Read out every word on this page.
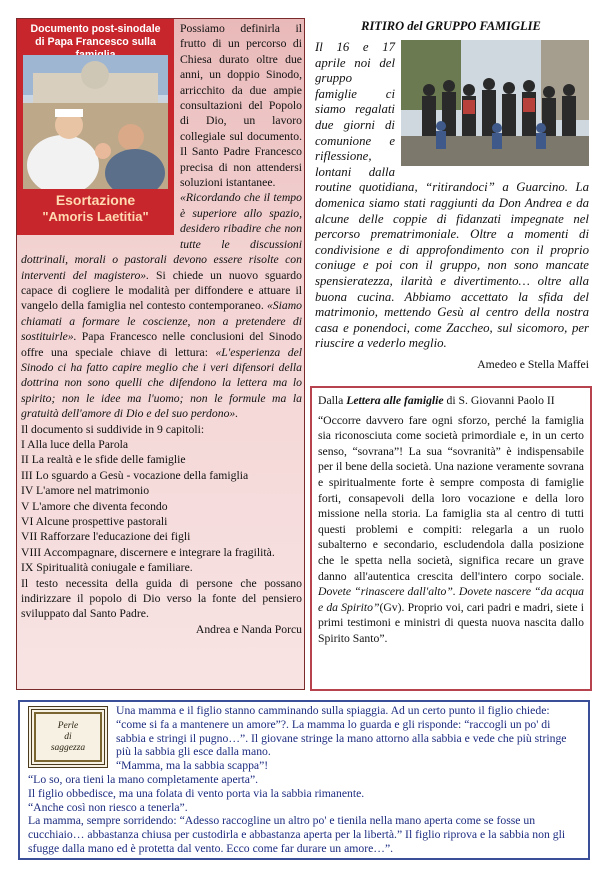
Documento post-sinodale
di Papa Francesco sulla
Esortazione
"Amoris Laetitia"

Possiamo definirla il frutto di un percorso di Chiesa durato oltre due anni, un doppio Sinodo, arricchito da due ampie consultazioni del Popolo di Dio, un lavoro collegiale sul documento. Il Santo Padre Francesco precisa di non attendersi soluzioni istantanee.

«Ricordando che il tempo è superiore allo spazio, desidero ribadire che non tutte le discussioni dottrinali, morali o pastorali devono essere risolte con interventi del magistero». Si chiede un nuovo sguardo capace di cogliere le modalità per diffondere e attuare il vangelo della famiglia nel contesto contemporaneo. «Siamo chiamati a formare le coscienze, non a pretendere di sostituirle». Papa Francesco nelle conclusioni del Sinodo offre una speciale chiave di lettura: «L'esperienza del Sinodo ci ha fatto capire meglio che i veri difensori della dottrina non sono quelli che difendono la lettera ma lo spirito; non le idee ma l'uomo; non le formule ma la gratuità dell'amore di Dio e del suo perdono».

Il documento si suddivide in 9 capitoli:

I Alla luce della Parola

II La realtà e le sfide delle famiglie

III Lo sguardo a Gesù - vocazione della famiglia

IV L'amore nel matrimonio

V L'amore che diventa fecondo

VI Alcune prospettive pastorali

VII Rafforzare l'educazione dei figli

VIII Accompagnare, discernere e integrare la fragilità.

IX Spiritualità coniugale e familiare.

Il testo necessita della guida di persone che possano indirizzare il popolo di Dio verso la fonte del pensiero sviluppato dal Santo Padre.

Andrea e Nanda Porcu

RITIRO del GRUPPO FAMIGLIE
Il 16 e 17 aprile noi del gruppo famiglie ci siamo regalati due giorni di comunione e riflessione, lontani dalla routine quotidiana, “ritirandoci” a Guarcino. La domenica siamo stati raggiunti da Don Andrea e da alcune delle coppie di fidanzati impegnate nel percorso prematrimoniale. Oltre a momenti di condivisione e di approfondimento con il proprio coniuge e poi con il gruppo, non sono mancate spensieratezza, ilarità e divertimento… oltre alla buona cucina. Abbiamo accettato la sfida del matrimonio, mettendo Gesù al centro della nostra casa e ponendoci, come Zaccheo, sul sicomoro, per riuscire a vederlo meglio.
Amedeo e Stella Maffei

Dalla Lettera alle famiglie di S. Giovanni Paolo II

“Occorre davvero fare ogni sforzo, perché la famiglia sia riconosciuta come società primordiale e, in un certo senso, “sovrana”! La sua “sovranità” è indispensabile per il bene della società. Una nazione veramente sovrana e spiritualmente forte è sempre composta di famiglie forti, consapevoli della loro vocazione e della loro missione nella storia. La famiglia sta al centro di tutti questi problemi e compiti: relegarla a un ruolo subalterno e secondario, escludendola dalla posizione che le spetta nella società, significa recare un grave danno all'autentica crescita dell'intero corpo sociale. Dovete “rinascere dall'alto”. Dovete nascere “da acqua e da Spirito”(Gv). Proprio voi, cari padri e madri, siete i primi testimoni e ministri di questa nuova nascita dallo Spirito Santo”.

Perle
di
saggezza

Una mamma e il figlio stanno camminando sulla spiaggia. Ad un certo punto il figlio chiede: “come si fa a mantenere un amore”?. La mamma lo guarda e gli risponde: “raccogli un po' di sabbia e stringi il pugno…”. Il giovane stringe la mano attorno alla sabbia e vede che più stringe più la sabbia gli esce dalla mano.

“Mamma, ma la sabbia scappa”!

“Lo so, ora tieni la mano completamente aperta”.

Il figlio obbedisce, ma una folata di vento porta via la sabbia rimanente.

“Anche così non riesco a tenerla”.

La mamma, sempre sorridendo: “Adesso raccogline un altro po' e tienila nella mano aperta come se fosse un cucchiaio… abbastanza chiusa per custodirla e abbastanza aperta per la libertà.” Il figlio riprova e la sabbia non gli sfugge dalla mano ed è protetta dal vento. Ecco come far durare un amore…”.
